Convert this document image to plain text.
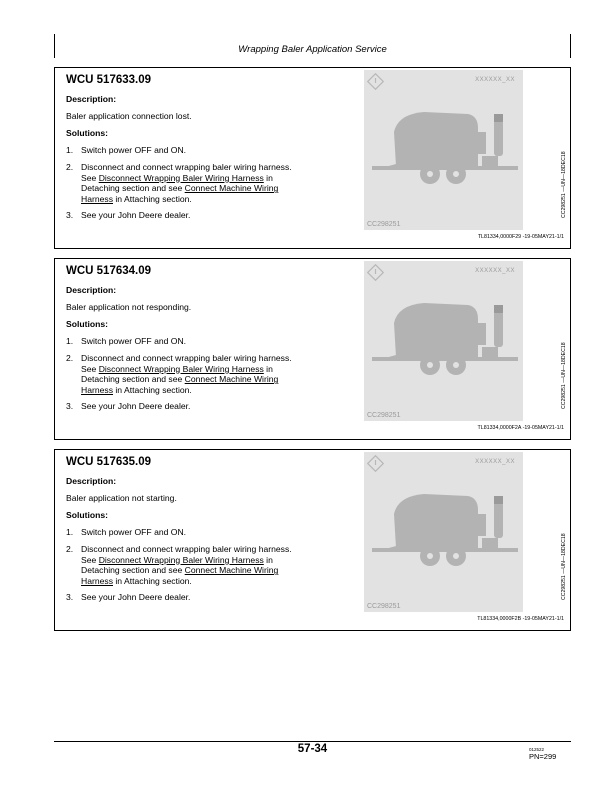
Wrapping Baler Application Service
WCU 517633.09

Description:

Baler application connection lost.

Solutions:

1. Switch power OFF and ON.
2. Disconnect and connect wrapping baler wiring harness. See Disconnect Wrapping Baler Wiring Harness in Detaching section and see Connect Machine Wiring Harness in Attaching section.
3. See your John Deere dealer.
XXXXXX_XX
CC298251
CC298251 —UN—18DEC18
TL81334,0000F29 -19-05MAY21-1/1
WCU 517634.09

Description:

Baler application not responding.

Solutions:

1. Switch power OFF and ON.
2. Disconnect and connect wrapping baler wiring harness. See Disconnect Wrapping Baler Wiring Harness in Detaching section and see Connect Machine Wiring Harness in Attaching section.
3. See your John Deere dealer.
XXXXXX_XX
CC298251
CC298251 —UN—18DEC18
TL81334,0000F2A -19-05MAY21-1/1
WCU 517635.09

Description:

Baler application not starting.

Solutions:

1. Switch power OFF and ON.
2. Disconnect and connect wrapping baler wiring harness. See Disconnect Wrapping Baler Wiring Harness in Detaching section and see Connect Machine Wiring Harness in Attaching section.
3. See your John Deere dealer.
XXXXXX_XX
CC298251
CC298251 —UN—18DEC18
TL81334,0000F2B -19-05MAY21-1/1
57-34	012522
PN=299
